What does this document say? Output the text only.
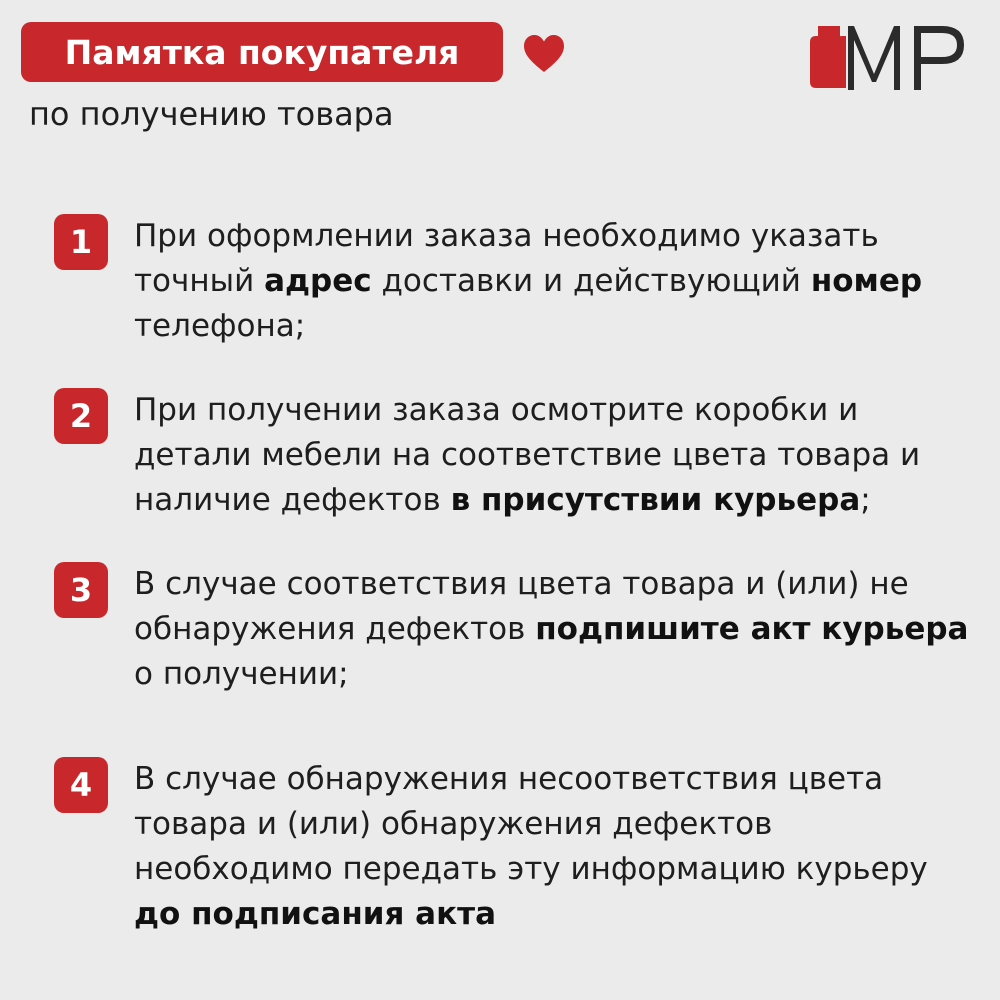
Памятка покупателя
по получению товара
1	При оформлении заказа необходимо указать точный адрес доставки и действующий номер телефона;
2	При получении заказа осмотрите коробки и детали мебели на соответствие цвета товара и наличие дефектов в присутствии курьера;
3	В случае соответствия цвета товара и (или) не обнаружения дефектов подпишите акт курьера о получении;
4	В случае обнаружения несоответствия цвета товара и (или) обнаружения дефектов необходимо передать эту информацию курьеру до подписания акта
